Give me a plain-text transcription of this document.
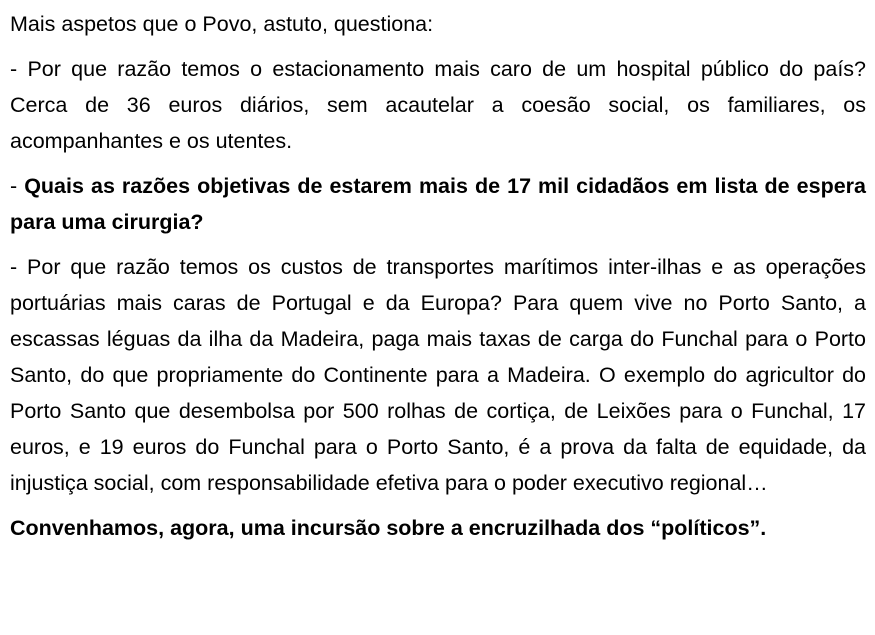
Mais aspetos que o Povo, astuto, questiona:

- Por que razão temos o estacionamento mais caro de um hospital público do país? Cerca de 36 euros diários, sem acautelar a coesão social, os familiares, os acompanhantes e os utentes.

- Quais as razões objetivas de estarem mais de 17 mil cidadãos em lista de espera para uma cirurgia?

- Por que razão temos os custos de transportes marítimos inter-ilhas e as operações portuárias mais caras de Portugal e da Europa? Para quem vive no Porto Santo, a escassas léguas da ilha da Madeira, paga mais taxas de carga do Funchal para o Porto Santo, do que propriamente do Continente para a Madeira. O exemplo do agricultor do Porto Santo que desembolsa por 500 rolhas de cortiça, de Leixões para o Funchal, 17 euros, e 19 euros do Funchal para o Porto Santo, é a prova da falta de equidade, da injustiça social, com responsabilidade efetiva para o poder executivo regional…

Convenhamos, agora, uma incursão sobre a encruzilhada dos “políticos”.
